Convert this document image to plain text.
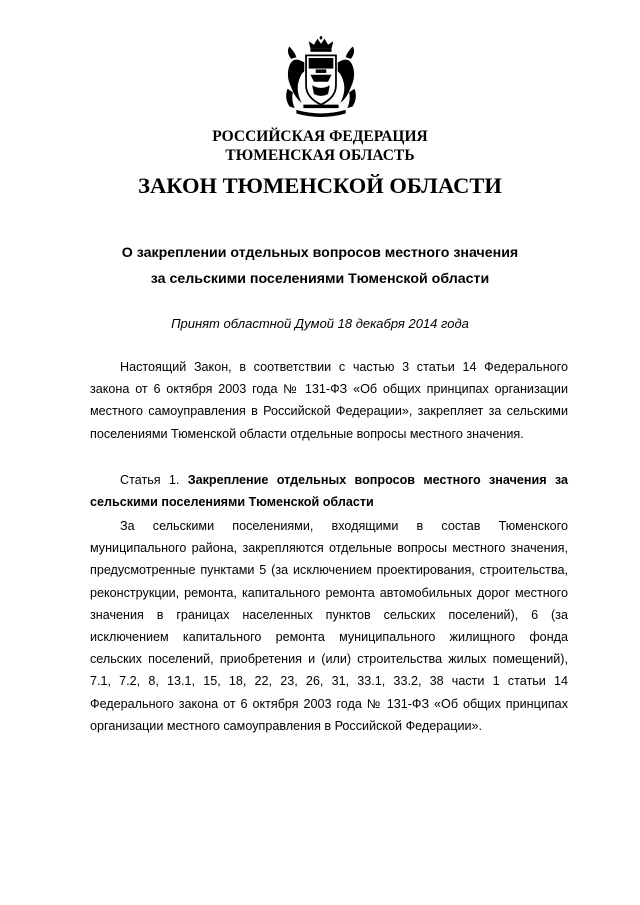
РОССИЙСКАЯ ФЕДЕРАЦИЯ
ТЮМЕНСКАЯ ОБЛАСТЬ
ЗАКОН ТЮМЕНСКОЙ ОБЛАСТИ
О закреплении отдельных вопросов местного значения
за сельскими поселениями Тюменской области
Принят областной Думой 18 декабря 2014 года
Настоящий Закон, в соответствии с частью 3 статьи 14 Федерального закона от 6 октября 2003 года № 131-ФЗ «Об общих принципах организации местного самоуправления в Российской Федерации», закрепляет за сельскими поселениями Тюменской области отдельные вопросы местного значения.
Статья 1. Закрепление отдельных вопросов местного значения за сельскими поселениями Тюменской области
За сельскими поселениями, входящими в состав Тюменского муниципального района, закрепляются отдельные вопросы местного значения, предусмотренные пунктами 5 (за исключением проектирования, строительства, реконструкции, ремонта, капитального ремонта автомобильных дорог местного значения в границах населенных пунктов сельских поселений), 6 (за исключением капитального ремонта муниципального жилищного фонда сельских поселений, приобретения и (или) строительства жилых помещений), 7.1, 7.2, 8, 13.1, 15, 18, 22, 23, 26, 31, 33.1, 33.2, 38 части 1 статьи 14 Федерального закона от 6 октября 2003 года № 131-ФЗ «Об общих принципах организации местного самоуправления в Российской Федерации».
